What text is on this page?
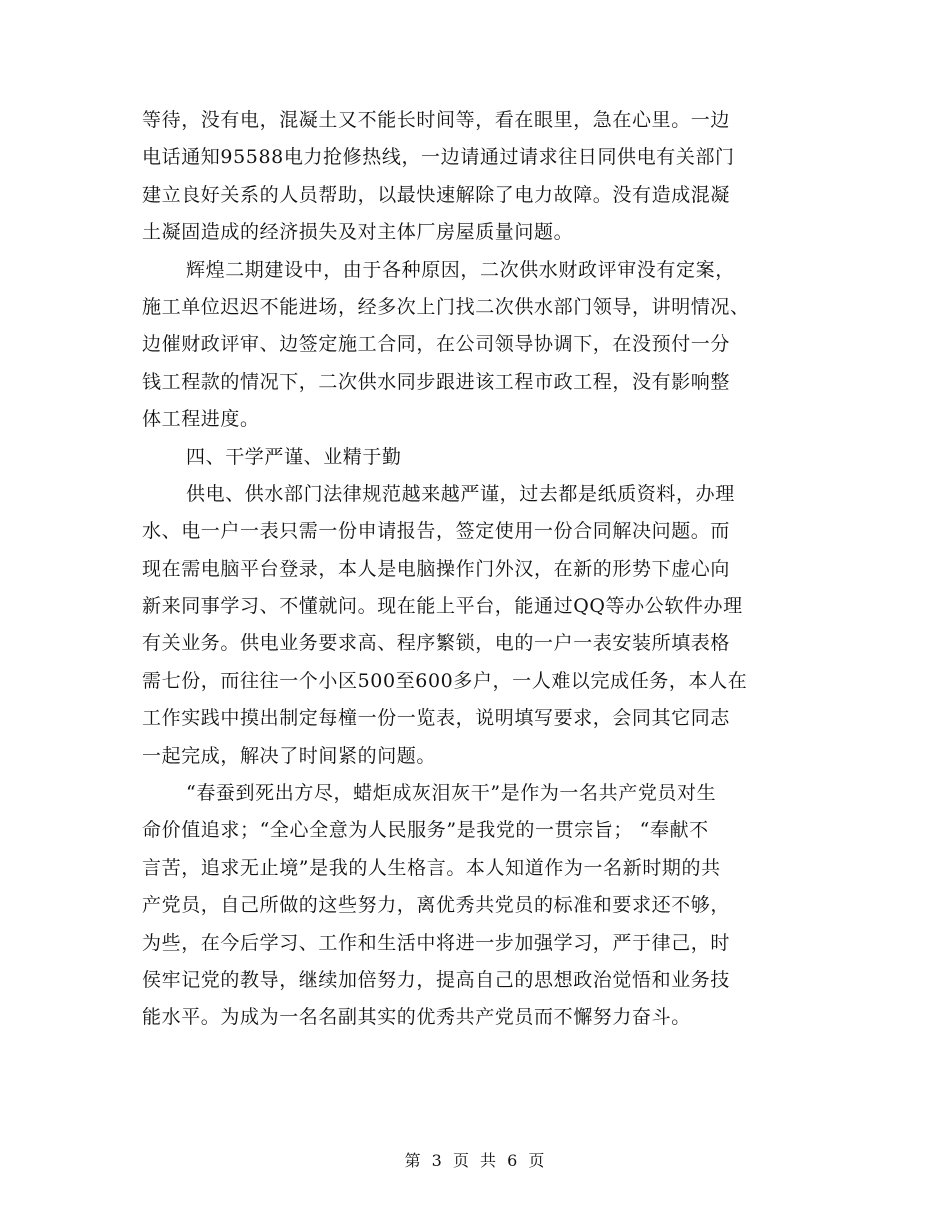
等待，没有电，混凝土又不能长时间等，看在眼里，急在心里。一边
电话通知95588电力抢修热线，一边请通过请求往日同供电有关部门
建立良好关系的人员帮助，以最快速解除了电力故障。没有造成混凝
土凝固造成的经济损失及对主体厂房屋质量问题。
辉煌二期建设中，由于各种原因，二次供水财政评审没有定案，
施工单位迟迟不能进场，经多次上门找二次供水部门领导，讲明情况、
边催财政评审、边签定施工合同，在公司领导协调下，在没预付一分
钱工程款的情况下，二次供水同步跟进该工程市政工程，没有影响整
体工程进度。
四、干学严谨、业精于勤
供电、供水部门法律规范越来越严谨，过去都是纸质资料，办理
水、电一户一表只需一份申请报告，签定使用一份合同解决问题。而
现在需电脑平台登录，本人是电脑操作门外汉，在新的形势下虚心向
新来同事学习、不懂就问。现在能上平台，能通过QQ等办公软件办理
有关业务。供电业务要求高、程序繁锁，电的一户一表安装所填表格
需七份，而往往一个小区500至600多户，一人难以完成任务，本人在
工作实践中摸出制定每橦一份一览表，说明填写要求，会同其它同志
一起完成，解决了时间紧的问题。
“春蚕到死出方尽，蜡炬成灰泪灰干”是作为一名共产党员对生
命价值追求；“全心全意为人民服务”是我党的一贯宗旨； “奉献不
言苦，追求无止境”是我的人生格言。本人知道作为一名新时期的共
产党员，自己所做的这些努力，离优秀共党员的标准和要求还不够，
为些，在今后学习、工作和生活中将进一步加强学习，严于律己，时
侯牢记党的教导，继续加倍努力，提高自己的思想政治觉悟和业务技
能水平。为成为一名名副其实的优秀共产党员而不懈努力奋斗。
第 3 页 共 6 页
